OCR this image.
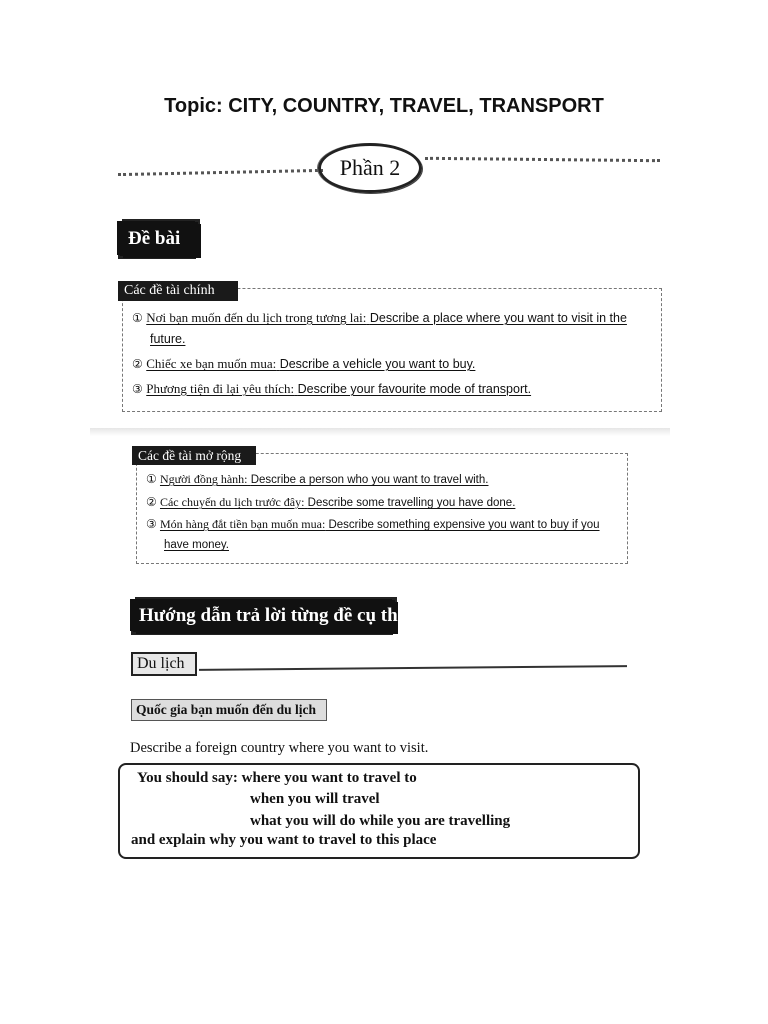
Topic: CITY, COUNTRY, TRAVEL, TRANSPORT
Phần 2
Đề bài
Các đề tài chính
① Nơi bạn muốn đến du lịch trong tương lai: Describe a place where you want to visit in the
future.
② Chiếc xe bạn muốn mua: Describe a vehicle you want to buy.
③ Phương tiện đi lại yêu thích: Describe your favourite mode of transport.
Các đề tài mở rộng
① Người đồng hành: Describe a person who you want to travel with.
② Các chuyến du lịch trước đây: Describe some travelling you have done.
③ Món hàng đắt tiền bạn muốn mua: Describe something expensive you want to buy if you
have money.
Hướng dẫn trả lời từng đề cụ thể
Du lịch
Quốc gia bạn muốn đến du lịch
Describe a foreign country where you want to visit.
You should say: where you want to travel to
when you will travel
what you will do while you are travelling
and explain why you want to travel to this place
